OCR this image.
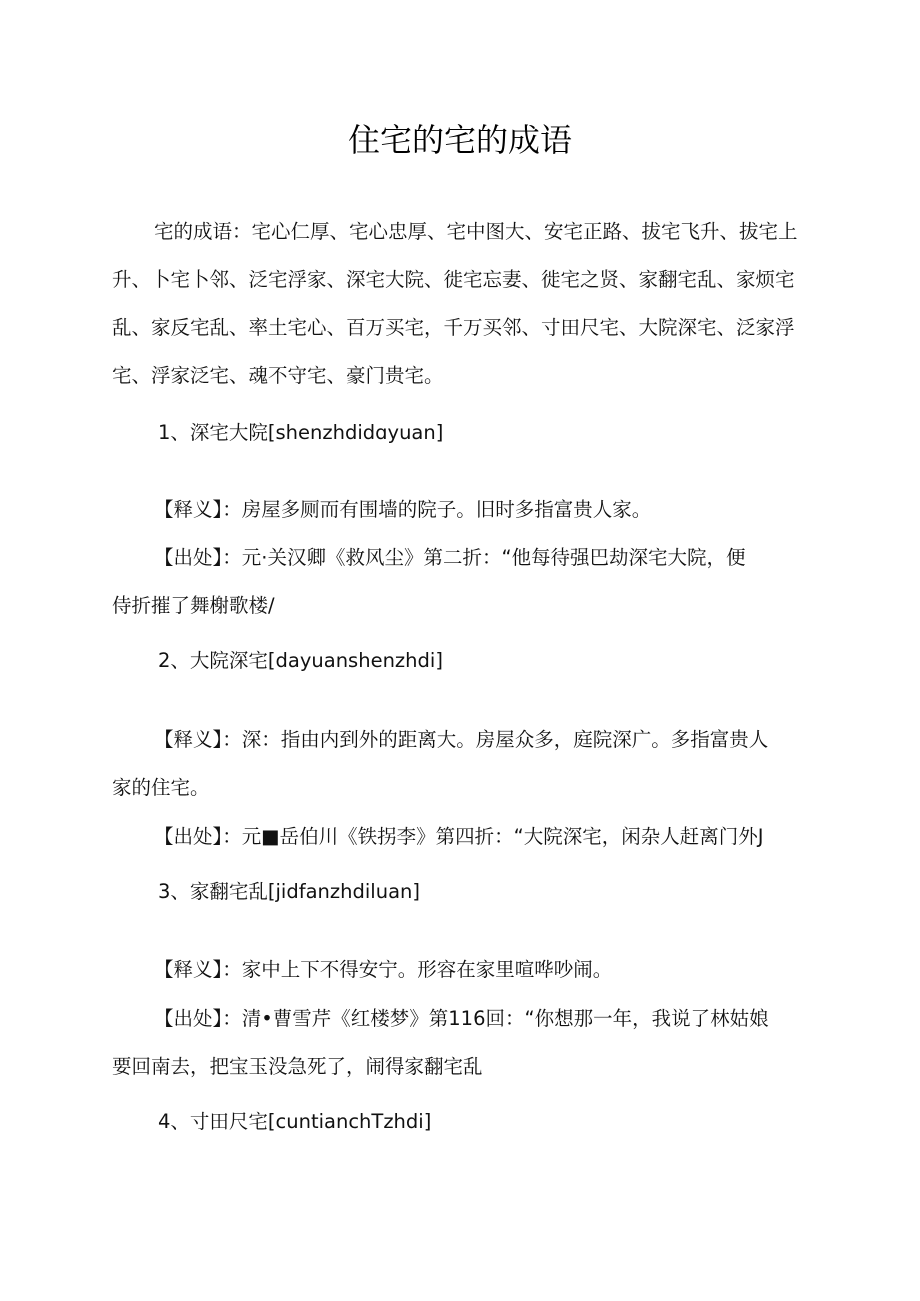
住宅的宅的成语
宅的成语：宅心仁厚、宅心忠厚、宅中图大、安宅正路、拔宅飞升、拔宅上升、卜宅卜邻、泛宅浮家、深宅大院、徙宅忘妻、徙宅之贤、家翻宅乱、家烦宅乱、家反宅乱、率土宅心、百万买宅，千万买邻、寸田尺宅、大院深宅、泛家浮宅、浮家泛宅、魂不守宅、豪门贵宅。
1、深宅大院[shenzhdidɑyuan]
【释义】：房屋多厕而有围墙的院子。旧时多指富贵人家。
【出处】：元·关汉卿《救风尘》第二折：“他每待强巴劫深宅大院，便
侍折摧了舞榭歌楼/
2、大院深宅[dayuanshenzhdi]
【释义】：深：指由内到外的距离大。房屋众多，庭院深广。多指富贵人
家的住宅。
【出处】：元■岳伯川《铁拐李》第四折：“大院深宅，闲杂人赶离门外J
3、家翻宅乱[jidfanzhdiluan]
【释义】：家中上下不得安宁。形容在家里喧哗吵闹。
【出处】：清•曹雪芹《红楼梦》第116回：“你想那一年，我说了林姑娘
要回南去，把宝玉没急死了，闹得家翻宅乱
4、寸田尺宅[cuntianchTzhdi]
